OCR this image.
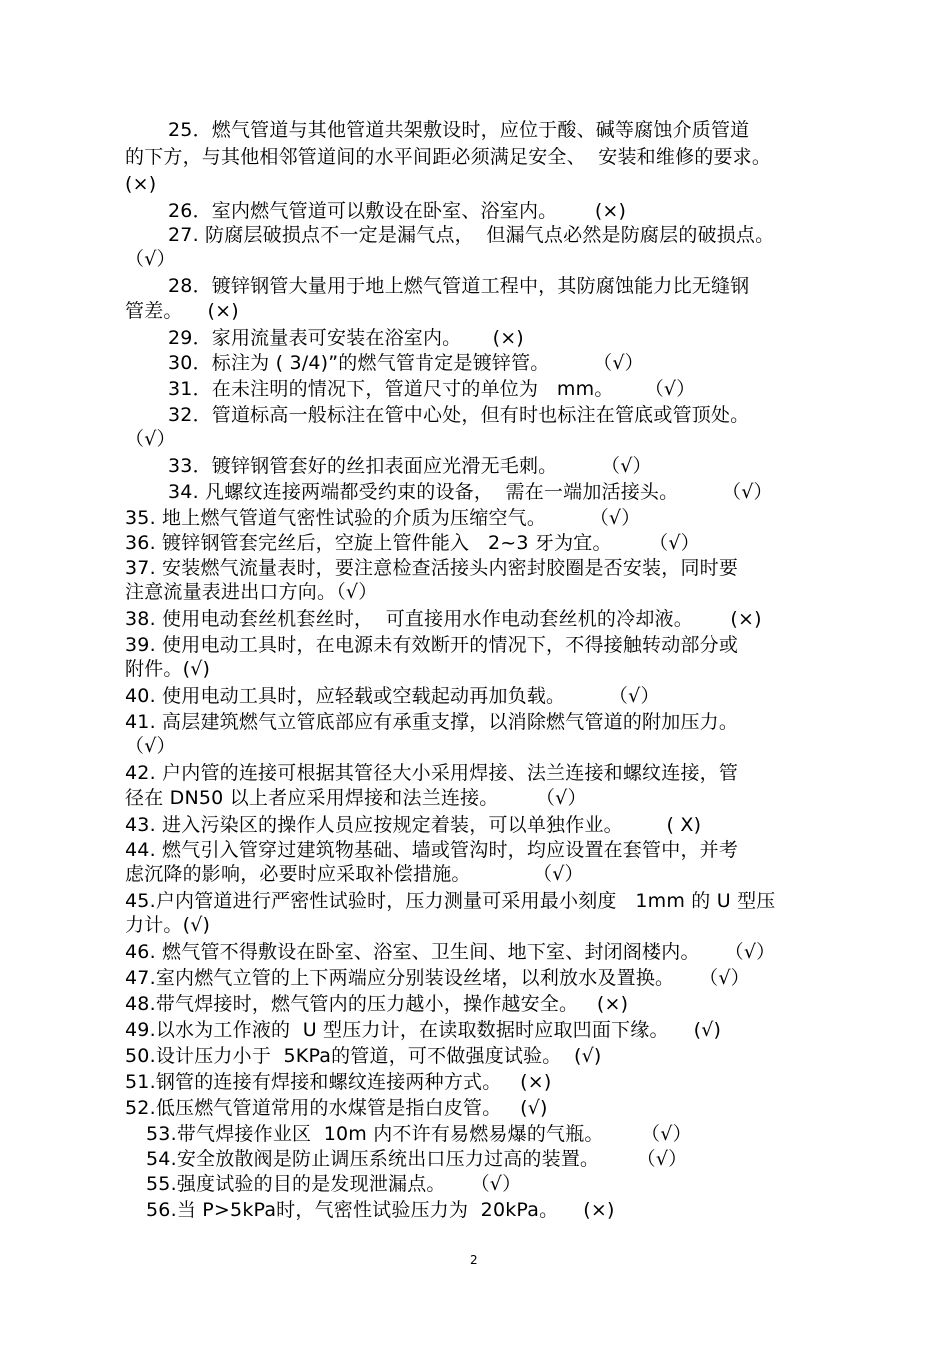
25．燃气管道与其他管道共架敷设时，应位于酸、碱等腐蚀介质管道
的下方，与其他相邻管道间的水平间距必须满足安全、  安装和维修的要求。
(×)
26．室内燃气管道可以敷设在卧室、浴室内。      (×)
27. 防腐层破损点不一定是漏气点，  但漏气点必然是防腐层的破损点。
（√）
28．镀锌钢管大量用于地上燃气管道工程中，其防腐蚀能力比无缝钢
管差。    (×)
29．家用流量表可安装在浴室内。     (×)
30．标注为 ( 3/4)”的燃气管肯定是镀锌管。       （√）
31．在未注明的情况下，管道尺寸的单位为   mm。     （√）
32．管道标高一般标注在管中心处，但有时也标注在管底或管顶处。
（√）
33．镀锌钢管套好的丝扣表面应光滑无毛刺。       （√）
34. 凡螺纹连接两端都受约束的设备，  需在一端加活接头。       （√）
35. 地上燃气管道气密性试验的介质为压缩空气。       （√）
36. 镀锌钢管套完丝后，空旋上管件能入   2~3 牙为宜。      （√）
37. 安装燃气流量表时，要注意检查活接头内密封胶圈是否安装，同时要
注意流量表进出口方向。（√）
38. 使用电动套丝机套丝时，  可直接用水作电动套丝机的冷却液。      (×)
39. 使用电动工具时，在电源未有效断开的情况下，不得接触转动部分或
附件。(√)
40. 使用电动工具时，应轻载或空载起动再加负载。       （√）
41. 高层建筑燃气立管底部应有承重支撑，以消除燃气管道的附加压力。
（√）
42. 户内管的连接可根据其管径大小采用焊接、法兰连接和螺纹连接，管
径在 DN50 以上者应采用焊接和法兰连接。      （√）
43. 进入污染区的操作人员应按规定着装，可以单独作业。       ( X)
44. 燃气引入管穿过建筑物基础、墙或管沟时，均应设置在套管中，并考
虑沉降的影响，必要时应采取补偿措施。          （√）
45.户内管道进行严密性试验时，压力测量可采用最小刻度   1mm 的 U 型压
力计。(√)
46. 燃气管不得敷设在卧室、浴室、卫生间、地下室、封闭阁楼内。    （√）
47.室内燃气立管的上下两端应分别装设丝堵，以利放水及置换。    （√）
48.带气焊接时，燃气管内的压力越小，操作越安全。   (×)
49.以水为工作液的  U 型压力计，在读取数据时应取凹面下缘。    (√)
50.设计压力小于  5KPa的管道，可不做强度试验。  (√)
51.钢管的连接有焊接和螺纹连接两种方式。   (×)
52.低压燃气管道常用的水煤管是指白皮管。   (√)
53.带气焊接作业区  10m 内不许有易燃易爆的气瓶。      （√）
54.安全放散阀是防止调压系统出口压力过高的装置。      （√）
55.强度试验的目的是发现泄漏点。    （√）
56.当 P>5kPa时，气密性试验压力为  20kPa。    (×)
2
